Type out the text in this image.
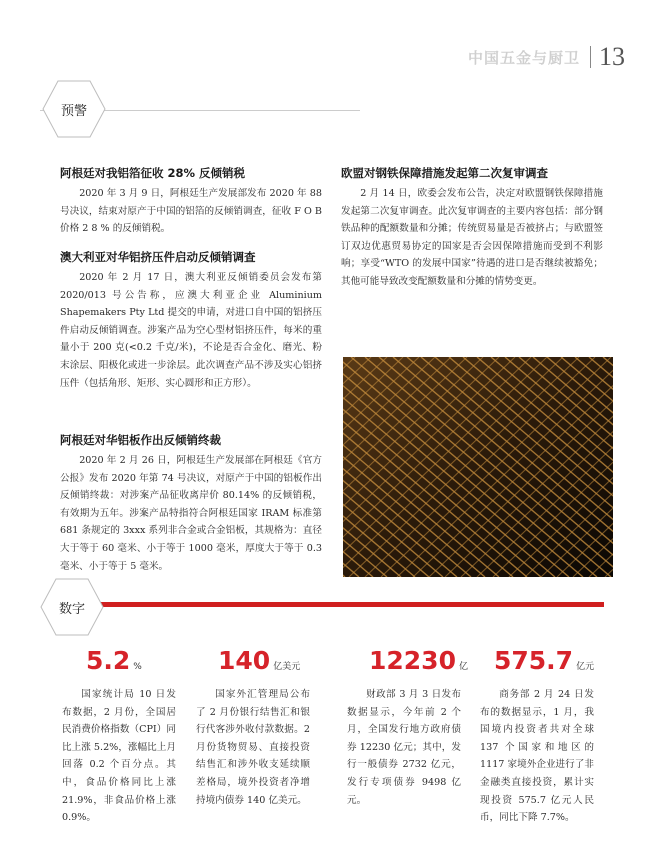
中国五金与厨卫 13
预警
阿根廷对我铝箔征收 28% 反倾销税

2020 年 3 月 9 日，阿根廷生产发展部发布 2020 年 88 号决议，结束对原产于中国的铝箔的反倾销调查，征收 F O B 价格 2 8 % 的反倾销税。

澳大利亚对华铝挤压件启动反倾销调查

2020 年 2 月 17 日，澳大利亚反倾销委员会发布第 2020/013 号公告称，应澳大利亚企业 Aluminium Shapemakers Pty Ltd 提交的申请，对进口自中国的铝挤压件启动反倾销调查。涉案产品为空心型材铝挤压件，每米的重量小于 200 克(<0.2 千克/米)，不论是否合金化、磨光、粉末涂层、阳极化或进一步涂层。此次调查产品不涉及实心铝挤压件（包括角形、矩形、实心圆形和正方形）。

阿根廷对华铝板作出反倾销终裁

2020 年 2 月 26 日，阿根廷生产发展部在阿根廷《官方公报》发布 2020 年第 74 号决议，对原产于中国的铝板作出反倾销终裁：对涉案产品征收离岸价 80.14% 的反倾销税，有效期为五年。涉案产品特指符合阿根廷国家 IRAM 标准第 681 条规定的 3xxx 系列非合金或合金铝板，其规格为：直径大于等于 60 毫米、小于等于 1000 毫米，厚度大于等于 0.3 毫米、小于等于 5 毫米。

欧盟对钢铁保障措施发起第二次复审调查

2 月 14 日，欧委会发布公告，决定对欧盟钢铁保障措施发起第二次复审调查。此次复审调查的主要内容包括：部分钢铁品种的配额数量和分摊；传统贸易量是否被挤占；与欧盟签订双边优惠贸易协定的国家是否会因保障措施而受到不利影响；享受“WTO 的发展中国家”待遇的进口是否继续被豁免；其他可能导致改变配额数量和分摊的情势变更。

数字
5.2 %

国家统计局 10 日发布数据，2 月份，全国居民消费价格指数（CPI）同比上涨 5.2%，涨幅比上月回落 0.2 个百分点。其中，食品价格同比上涨 21.9%，非食品价格上涨 0.9%。

140 亿美元

国家外汇管理局公布了 2 月份银行结售汇和银行代客涉外收付款数据。2 月份货物贸易、直接投资结售汇和涉外收支延续顺差格局，境外投资者净增持境内债券 140 亿美元。

12230 亿

财政部 3 月 3 日发布数据显示，今年前 2 个月，全国发行地方政府债券 12230 亿元；其中，发行一般债券 2732 亿元，发行专项债券 9498 亿元。

575.7 亿元

商务部 2 月 24 日发布的数据显示，1 月，我国境内投资者共对全球 137 个国家和地区的 1117 家境外企业进行了非金融类直接投资，累计实现投资 575.7 亿元人民币，同比下降 7.7%。
